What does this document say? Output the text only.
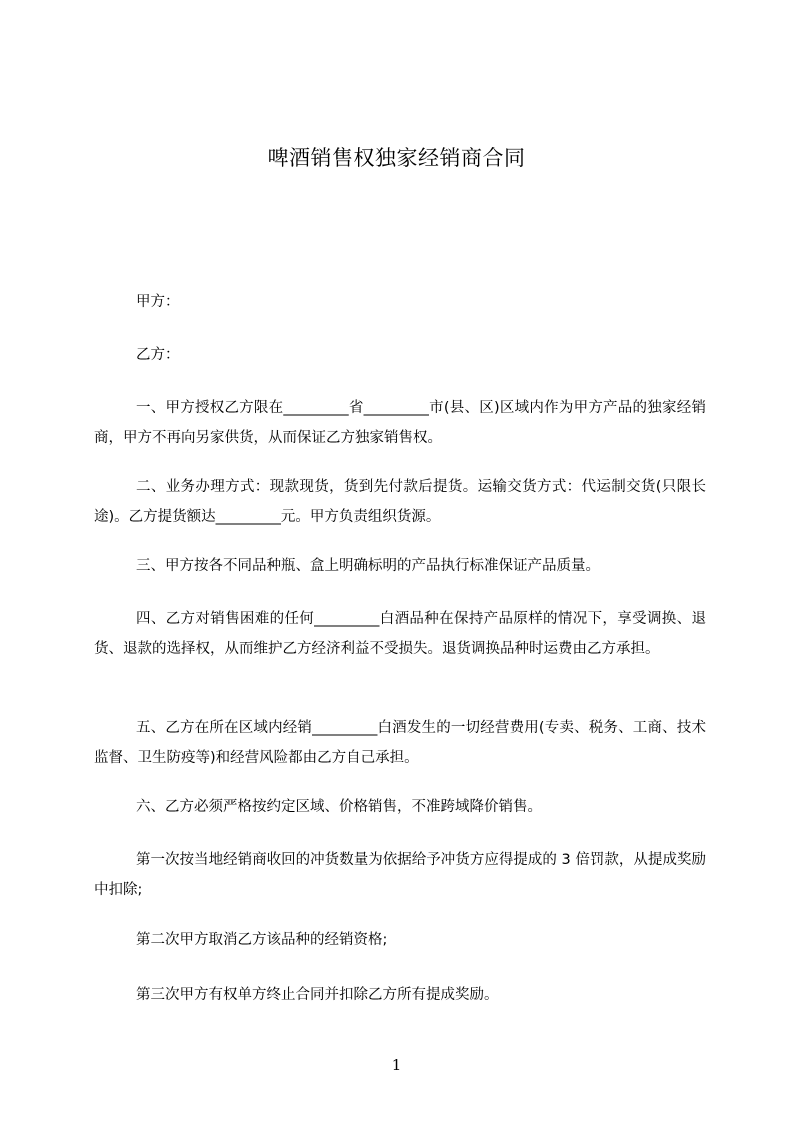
啤酒销售权独家经销商合同

甲方：

乙方：

一、甲方授权乙方限在_________省_________市(县、区)区域内作为甲方产品的独家经销商，甲方不再向另家供货，从而保证乙方独家销售权。

二、业务办理方式：现款现货，货到先付款后提货。运输交货方式：代运制交货(只限长途)。乙方提货额达_________元。甲方负责组织货源。

三、甲方按各不同品种瓶、盒上明确标明的产品执行标准保证产品质量。

四、乙方对销售困难的任何_________白酒品种在保持产品原样的情况下，享受调换、退货、退款的选择权，从而维护乙方经济利益不受损失。退货调换品种时运费由乙方承担。

五、乙方在所在区域内经销_________白酒发生的一切经营费用(专卖、税务、工商、技术监督、卫生防疫等)和经营风险都由乙方自己承担。

六、乙方必须严格按约定区域、价格销售，不准跨域降价销售。

第一次按当地经销商收回的冲货数量为依据给予冲货方应得提成的 3 倍罚款，从提成奖励中扣除;

第二次甲方取消乙方该品种的经销资格;

第三次甲方有权单方终止合同并扣除乙方所有提成奖励。

1
